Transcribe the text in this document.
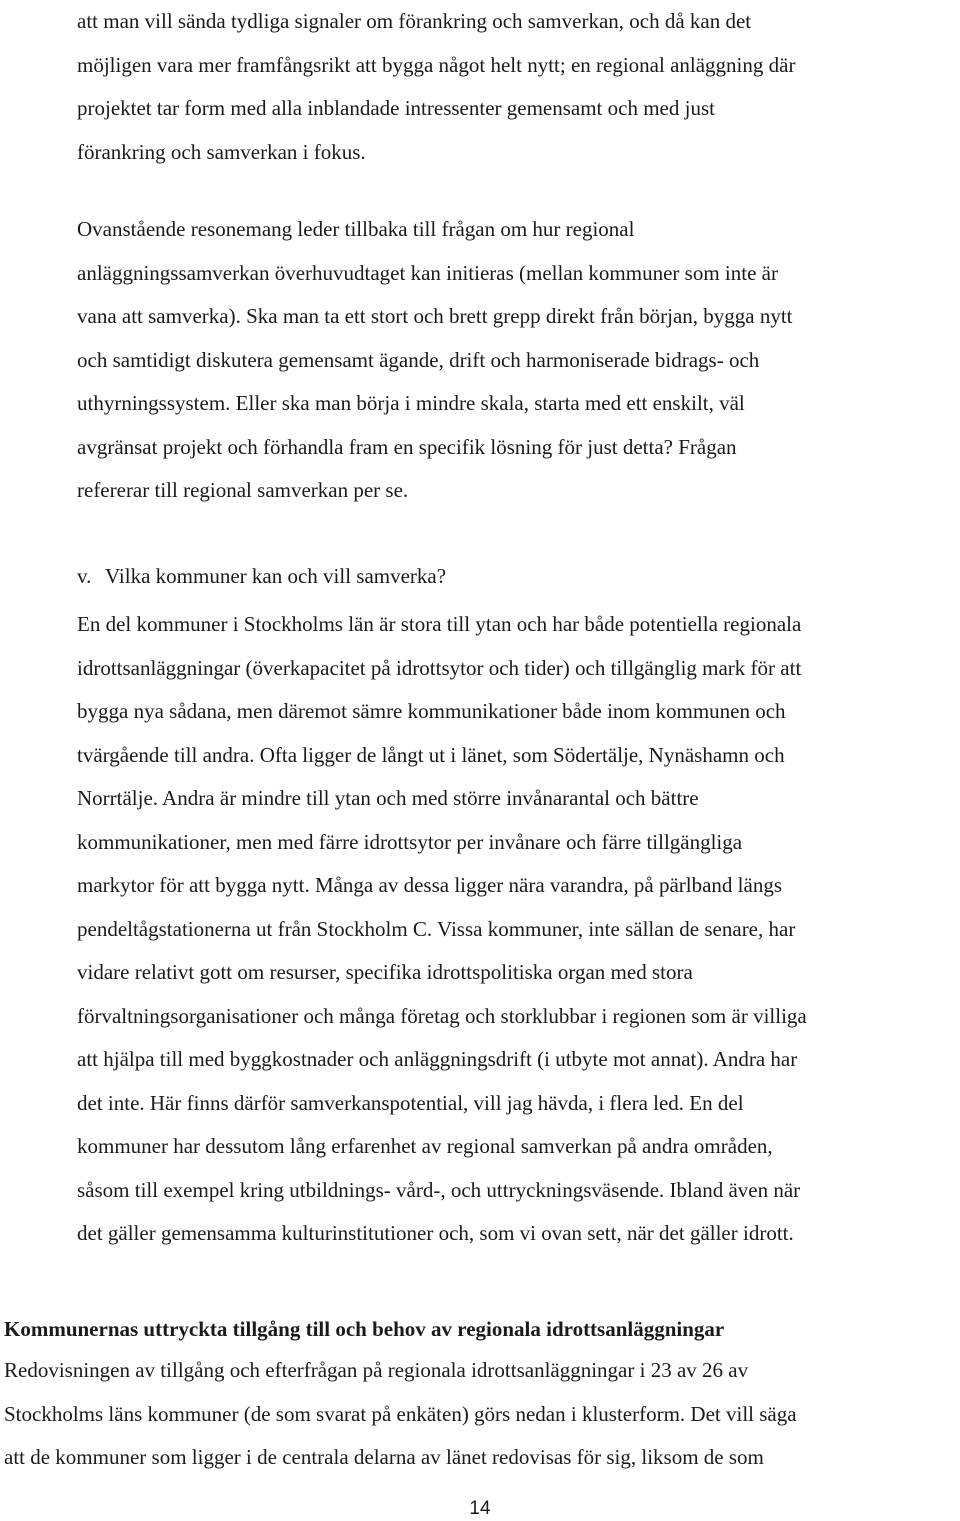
att man vill sända tydliga signaler om förankring och samverkan, och då kan det
möjligen vara mer framfångsrikt att bygga något helt nytt; en regional anläggning där
projektet tar form med alla inblandade intressenter gemensamt och med just
förankring och samverkan i fokus.
Ovanstående resonemang leder tillbaka till frågan om hur regional
anläggningssamverkan överhuvudtaget kan initieras (mellan kommuner som inte är
vana att samverka). Ska man ta ett stort och brett grepp direkt från början, bygga nytt
och samtidigt diskutera gemensamt ägande, drift och harmoniserade bidrags- och
uthyrningssystem. Eller ska man börja i mindre skala, starta med ett enskilt, väl
avgränsat projekt och förhandla fram en specifik lösning för just detta? Frågan
refererar till regional samverkan per se.
v. Vilka kommuner kan och vill samverka?
En del kommuner i Stockholms län är stora till ytan och har både potentiella regionala
idrottsanläggningar (överkapacitet på idrottsytor och tider) och tillgänglig mark för att
bygga nya sådana, men däremot sämre kommunikationer både inom kommunen och
tvärgående till andra. Ofta ligger de långt ut i länet, som Södertälje, Nynäshamn och
Norrtälje. Andra är mindre till ytan och med större invånarantal och bättre
kommunikationer, men med färre idrottsytor per invånare och färre tillgängliga
markytor för att bygga nytt. Många av dessa ligger nära varandra, på pärlband längs
pendeltågstationerna ut från Stockholm C. Vissa kommuner, inte sällan de senare, har
vidare relativt gott om resurser, specifika idrottspolitiska organ med stora
förvaltningsorganisationer och många företag och storklubbar i regionen som är villiga
att hjälpa till med byggkostnader och anläggningsdrift (i utbyte mot annat). Andra har
det inte. Här finns därför samverkanspotential, vill jag hävda, i flera led. En del
kommuner har dessutom lång erfarenhet av regional samverkan på andra områden,
såsom till exempel kring utbildnings- vård-, och uttryckningsväsende. Ibland även när
det gäller gemensamma kulturinstitutioner och, som vi ovan sett, när det gäller idrott.
Kommunernas uttryckta tillgång till och behov av regionala idrottsanläggningar
Redovisningen av tillgång och efterfrågan på regionala idrottsanläggningar i 23 av 26 av
Stockholms läns kommuner (de som svarat på enkäten) görs nedan i klusterform. Det vill säga
att de kommuner som ligger i de centrala delarna av länet redovisas för sig, liksom de som
14
